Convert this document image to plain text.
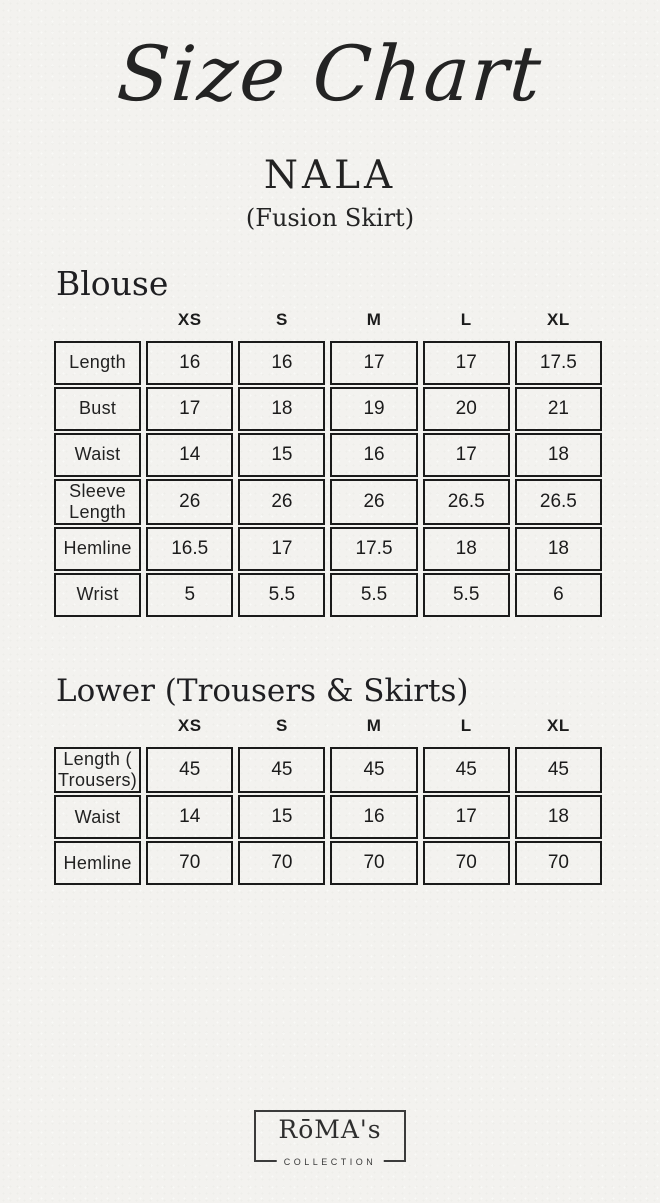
Size Chart
NALA
(Fusion Skirt)
Blouse
	XS	S	M	L	XL
Length	16	16	17	17	17.5
Bust	17	18	19	20	21
Waist	14	15	16	17	18
Sleeve Length	26	26	26	26.5	26.5
Hemline	16.5	17	17.5	18	18
Wrist	5	5.5	5.5	5.5	6
Lower (Trousers & Skirts)
	XS	S	M	L	XL
Length ( Trousers)	45	45	45	45	45
Waist	14	15	16	17	18
Hemline	70	70	70	70	70
RōMA's
COLLECTION
